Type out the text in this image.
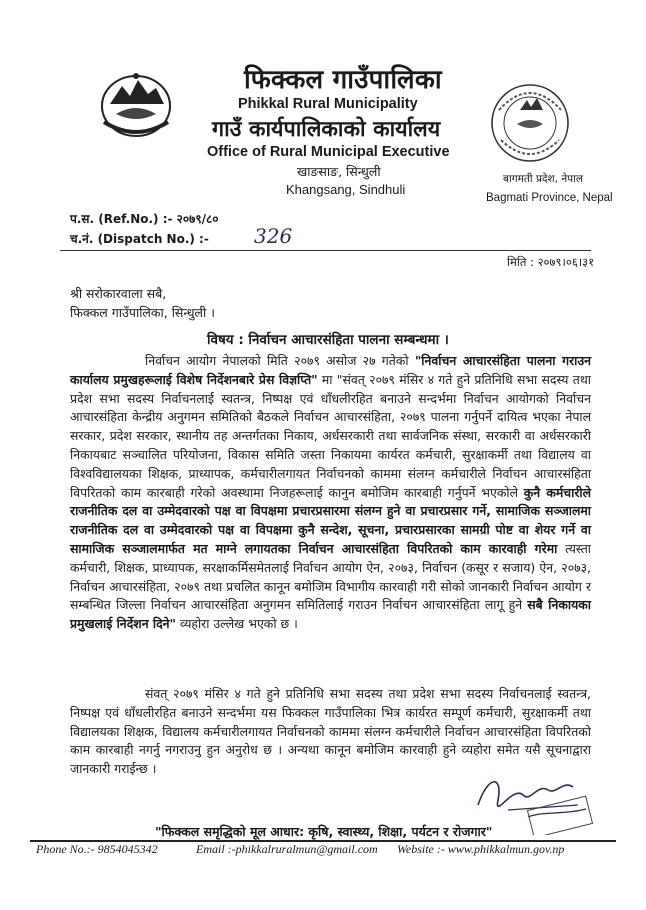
फिक्कल गाउँपालिका
Phikkal Rural Municipality
गाउँ कार्यपालिकाको कार्यालय
Office of Rural Municipal Executive
खाङसाङ, सिन्धुली
Khangsang, Sindhuli
बागमती प्रदेश, नेपाल
Bagmati Province, Nepal
प.स. (Ref.No.) :- २०७९/८०
च.नं. (Dispatch No.) :- 326
मिति : २०७९।०६।३१
श्री सरोकारवाला सबै,
फिक्कल गाउँपालिका, सिन्धुली ।
विषय : निर्वाचन आचारसंहिता पालना सम्बन्धमा ।
निर्वाचन आयोग नेपालको मिति २०७९ असोज २७ गतेको "निर्वाचन आचारसंहिता पालना गराउन कार्यालय प्रमुखहरूलाई विशेष निर्देशनबारे प्रेस विज्ञप्ति" मा "संवत् २०७९ मंसिर ४ गते हुने प्रतिनिधि सभा सदस्य तथा प्रदेश सभा सदस्य निर्वाचनलाई स्वतन्त्र, निष्पक्ष एवं धाँधलीरहित बनाउने सन्दर्भमा निर्वाचन आयोगको निर्वाचन आचारसंहिता केन्द्रीय अनुगमन समितिको बैठकले निर्वाचन आचारसंहिता, २०७९ पालना गर्नुपर्ने दायित्व भएका नेपाल सरकार, प्रदेश सरकार, स्थानीय तह अन्तर्गतका निकाय, अर्धसरकारी तथा सार्वजनिक संस्था, सरकारी वा अर्धसरकारी निकायबाट सञ्चालित परियोजना, विकास समिति जस्ता निकायमा कार्यरत कर्मचारी, सुरक्षाकर्मी तथा विद्यालय वा विश्वविद्यालयका शिक्षक, प्राध्यापक, कर्मचारीलगायत निर्वाचनको काममा संलग्न कर्मचारीले निर्वाचन आचारसंहिता विपरितको काम कारबाही गरेको अवस्थामा निजहरूलाई कानुन बमोजिम कारबाही गर्नुपर्ने भएकोले कुनै कर्मचारीले राजनीतिक दल वा उम्मेदवारको पक्ष वा विपक्षमा प्रचारप्रसारमा संलग्न हुने वा प्रचारप्रसार गर्ने, सामाजिक सञ्जालमा राजनीतिक दल वा उम्मेदवारको पक्ष वा विपक्षमा कुनै सन्देश, सूचना, प्रचारप्रसारका सामग्री पोष्ट वा शेयर गर्ने वा सामाजिक सञ्जालमार्फत मत माग्ने लगायतका निर्वाचन आचारसंहिता विपरितको काम कारवाही गरेमा त्यस्ता कर्मचारी, शिक्षक, प्राध्यापक, सरक्षाकर्मिसमेतलाई निर्वाचन आयोग ऐन, २०७३, निर्वाचन (कसूर र सजाय) ऐन, २०७३, निर्वाचन आचारसंहिता, २०७९ तथा प्रचलित कानून बमोजिम विभागीय कारवाही गरी सोको जानकारी निर्वाचन आयोग र सम्बन्धित जिल्ला निर्वाचन आचारसंहिता अनुगमन समितिलाई गराउन निर्वाचन आचारसंहिता लागू हुने सबै निकायका प्रमुखलाई निर्देशन दिने" व्यहोरा उल्लेख भएको छ ।
संवत् २०७९ मंसिर ४ गते हुने प्रतिनिधि सभा सदस्य तथा प्रदेश सभा सदस्य निर्वाचनलाई स्वतन्त्र, निष्पक्ष एवं धाँधलीरहित बनाउने सन्दर्भमा यस फिक्कल गाउँपालिका भित्र कार्यरत सम्पूर्ण कर्मचारी, सुरक्षाकर्मी तथा विद्यालयका शिक्षक, विद्यालय कर्मचारीलगायत निर्वाचनको काममा संलग्न कर्मचारीले निर्वाचन आचारसंहिता विपरितको काम कारबाही नगर्नु नगराउनु हुन अनुरोध छ । अन्यथा कानून बमोजिम कारवाही हुने व्यहोरा समेत यसै सूचनाद्वारा जानकारी गराईन्छ ।
"फिक्कल समृद्धिको मूल आधार: कृषि, स्वास्थ्य, शिक्षा, पर्यटन र रोजगार"
Phone No.:- 9854045342	Email :-phikkalruralmun@gmail.com Website :- www.phikkalmun.gov.np
